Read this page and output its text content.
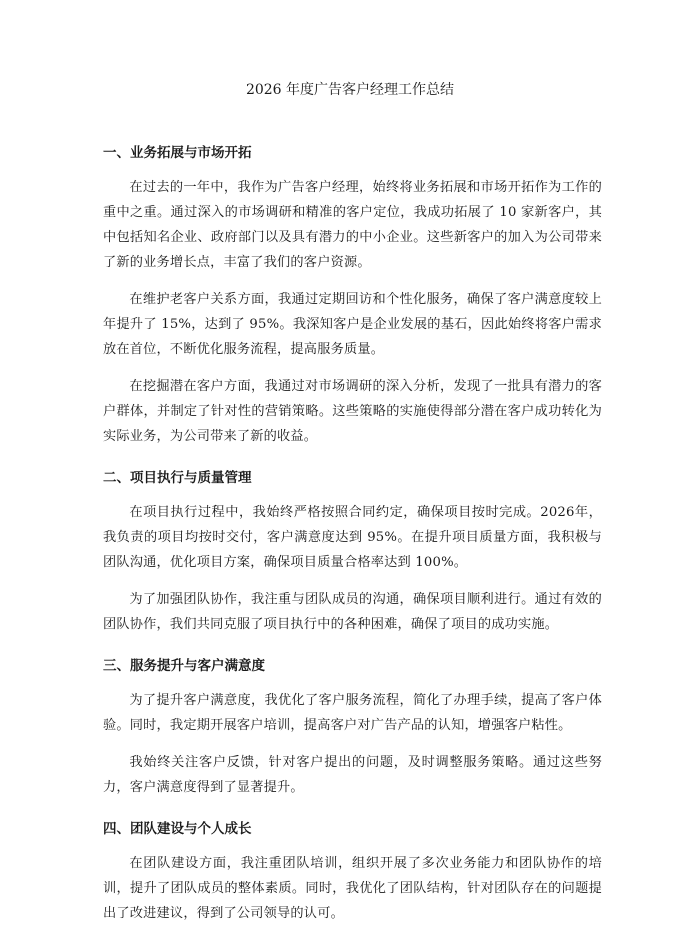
2026 年度广告客户经理工作总结
一、业务拓展与市场开拓

在过去的一年中，我作为广告客户经理，始终将业务拓展和市场开拓作为工作的重中之重。通过深入的市场调研和精准的客户定位，我成功拓展了 10 家新客户，其中包括知名企业、政府部门以及具有潜力的中小企业。这些新客户的加入为公司带来了新的业务增长点，丰富了我们的客户资源。

在维护老客户关系方面，我通过定期回访和个性化服务，确保了客户满意度较上年提升了 15%，达到了 95%。我深知客户是企业发展的基石，因此始终将客户需求放在首位，不断优化服务流程，提高服务质量。

在挖掘潜在客户方面，我通过对市场调研的深入分析，发现了一批具有潜力的客户群体，并制定了针对性的营销策略。这些策略的实施使得部分潜在客户成功转化为实际业务，为公司带来了新的收益。

二、项目执行与质量管理

在项目执行过程中，我始终严格按照合同约定，确保项目按时完成。2026年，我负责的项目均按时交付，客户满意度达到 95%。在提升项目质量方面，我积极与团队沟通，优化项目方案，确保项目质量合格率达到 100%。

为了加强团队协作，我注重与团队成员的沟通，确保项目顺利进行。通过有效的团队协作，我们共同克服了项目执行中的各种困难，确保了项目的成功实施。

三、服务提升与客户满意度

为了提升客户满意度，我优化了客户服务流程，简化了办理手续，提高了客户体验。同时，我定期开展客户培训，提高客户对广告产品的认知，增强客户粘性。

我始终关注客户反馈，针对客户提出的问题，及时调整服务策略。通过这些努力，客户满意度得到了显著提升。

四、团队建设与个人成长

在团队建设方面，我注重团队培训，组织开展了多次业务能力和团队协作的培训，提升了团队成员的整体素质。同时，我优化了团队结构，针对团队存在的问题提出了改进建议，得到了公司领导的认可。
